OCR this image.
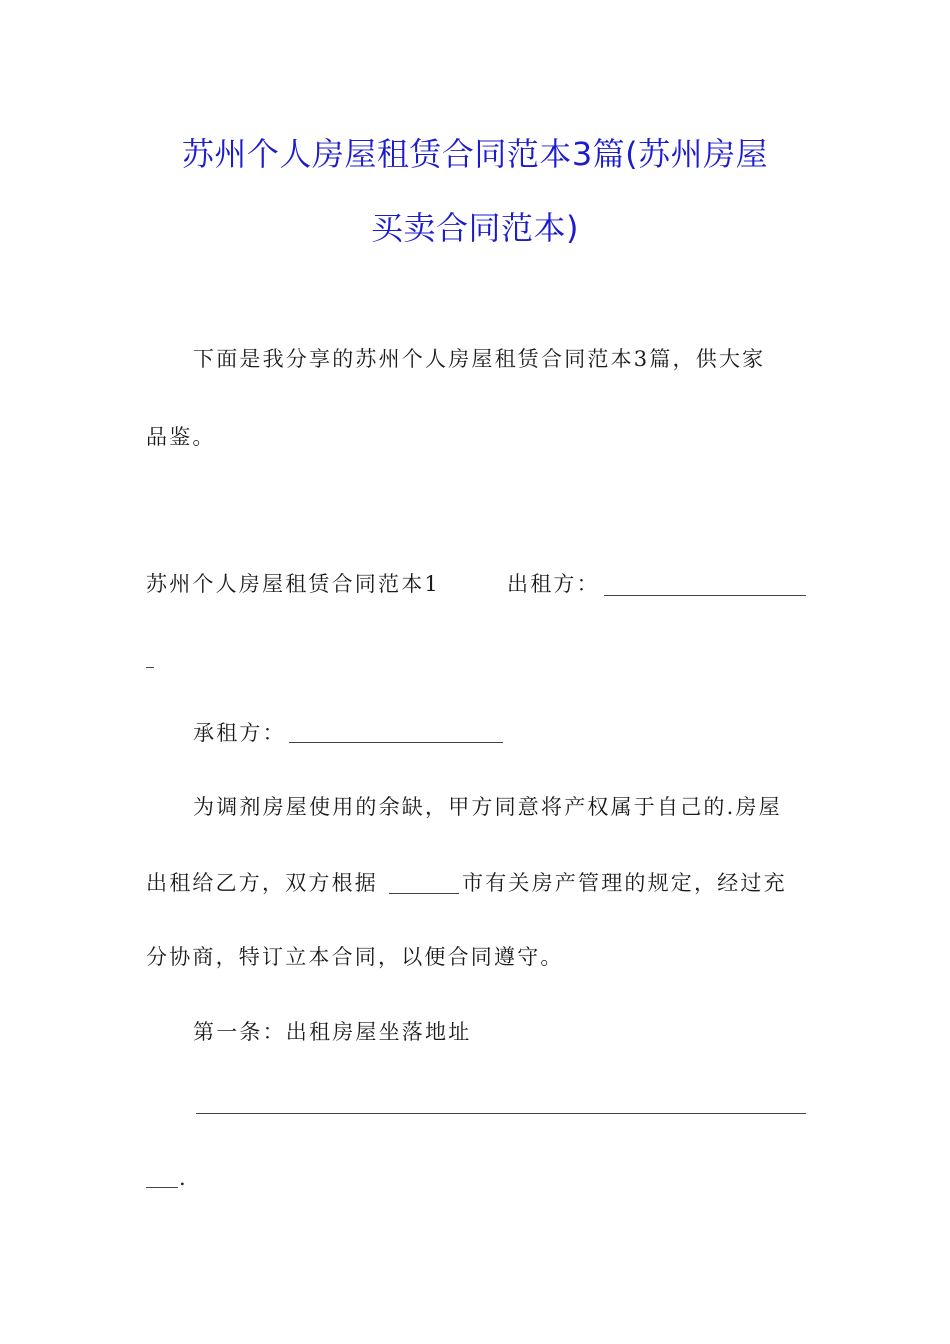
苏州个人房屋租赁合同范本3篇(苏州房屋
买卖合同范本)
下面是我分享的苏州个人房屋租赁合同范本3篇，供大家
品鉴。
苏州个人房屋租赁合同范本1	出租方：
承租方：
为调剂房屋使用的余缺，甲方同意将产权属于自己的.房屋
出租给乙方，双方根据	市有关房产管理的规定，经过充
分协商，特订立本合同，以便合同遵守。
第一条：出租房屋坐落地址
.
